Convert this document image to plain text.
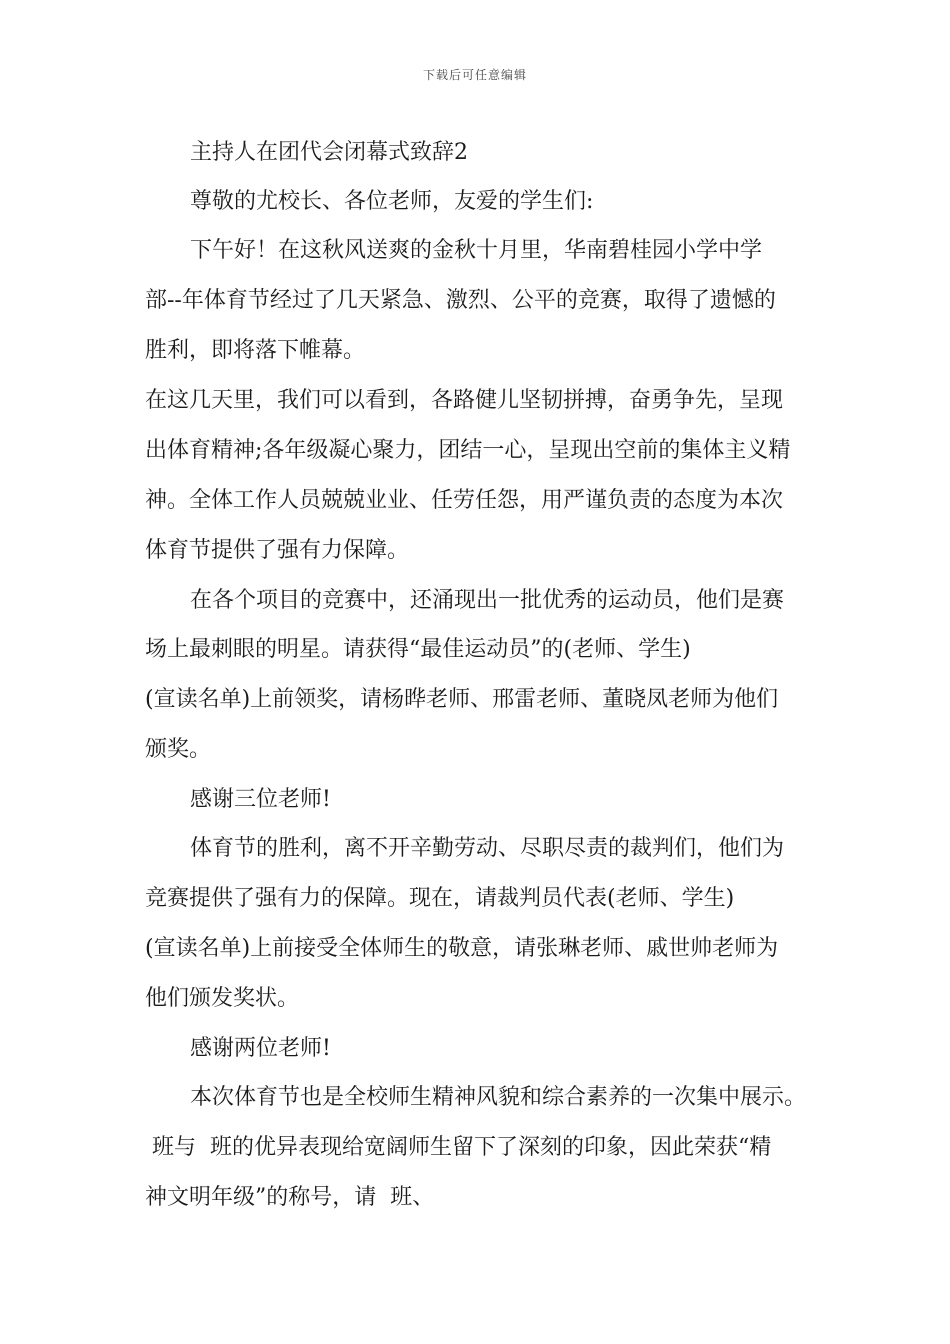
下载后可任意编辑
主持人在团代会闭幕式致辞2
尊敬的尤校长、各位老师，友爱的学生们:
下午好！在这秋风送爽的金秋十月里，华南碧桂园小学中学
部--年体育节经过了几天紧急、激烈、公平的竞赛，取得了遗憾的
胜利，即将落下帷幕。
在这几天里，我们可以看到，各路健儿坚韧拼搏，奋勇争先，呈现
出体育精神;各年级凝心聚力，团结一心，呈现出空前的集体主义精
神。全体工作人员兢兢业业、任劳任怨，用严谨负责的态度为本次
体育节提供了强有力保障。
在各个项目的竞赛中，还涌现出一批优秀的运动员，他们是赛
场上最刺眼的明星。请获得“最佳运动员”的(老师、学生)
(宣读名单)上前领奖，请杨晔老师、邢雷老师、董晓凤老师为他们
颁奖。
感谢三位老师!
体育节的胜利，离不开辛勤劳动、尽职尽责的裁判们，他们为
竞赛提供了强有力的保障。现在，请裁判员代表(老师、学生)
(宣读名单)上前接受全体师生的敬意，请张琳老师、戚世帅老师为
他们颁发奖状。
感谢两位老师!
本次体育节也是全校师生精神风貌和综合素养的一次集中展示。
班与  班的优异表现给宽阔师生留下了深刻的印象，因此荣获“精
神文明年级”的称号，请  班、
